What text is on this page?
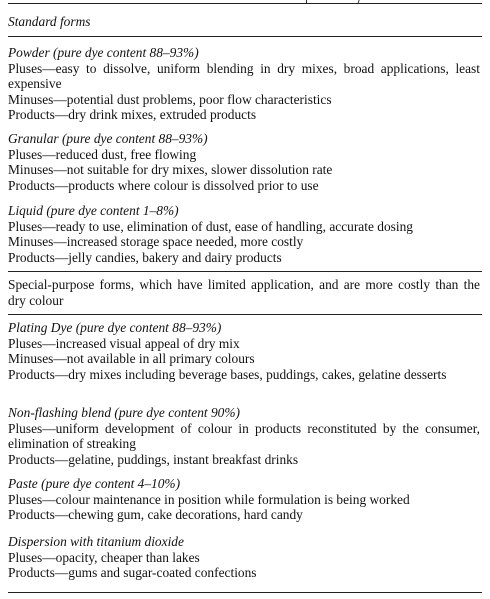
Standard forms
Powder (pure dye content 88–93%)
Pluses—easy to dissolve, uniform blending in dry mixes, broad applications, least expensive
Minuses—potential dust problems, poor flow characteristics
Products—dry drink mixes, extruded products
Granular (pure dye content 88–93%)
Pluses—reduced dust, free flowing
Minuses—not suitable for dry mixes, slower dissolution rate
Products—products where colour is dissolved prior to use
Liquid (pure dye content 1–8%)
Pluses—ready to use, elimination of dust, ease of handling, accurate dosing
Minuses—increased storage space needed, more costly
Products—jelly candies, bakery and dairy products
Special-purpose forms, which have limited application, and are more costly than the dry colour
Plating Dye (pure dye content 88–93%)
Pluses—increased visual appeal of dry mix
Minuses—not available in all primary colours
Products—dry mixes including beverage bases, puddings, cakes, gelatine desserts
Non-flashing blend (pure dye content 90%)
Pluses—uniform development of colour in products reconstituted by the consumer, elimination of streaking
Products—gelatine, puddings, instant breakfast drinks
Paste (pure dye content 4–10%)
Pluses—colour maintenance in position while formulation is being worked
Products—chewing gum, cake decorations, hard candy
Dispersion with titanium dioxide
Pluses—opacity, cheaper than lakes
Products—gums and sugar-coated confections
